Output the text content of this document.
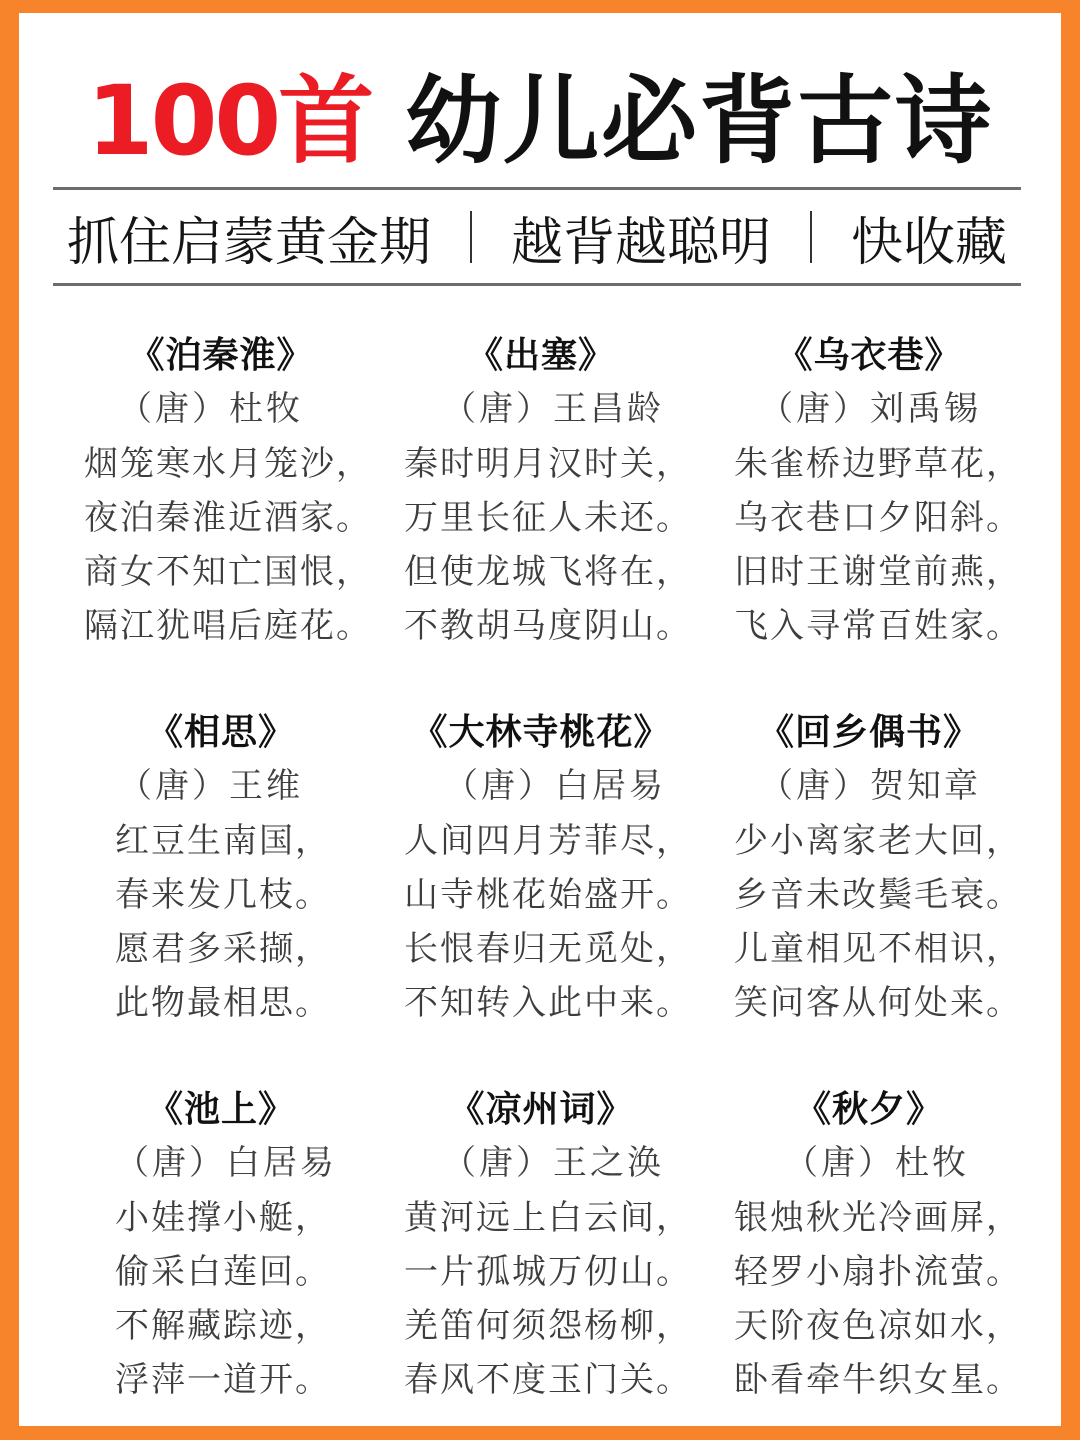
100首 幼儿必背古诗
抓住启蒙黄金期 越背越聪明 快收藏
《泊秦淮》
（唐）杜牧
烟笼寒水月笼沙，
夜泊秦淮近酒家。
商女不知亡国恨，
隔江犹唱后庭花。
《出塞》
（唐）王昌龄
秦时明月汉时关，
万里长征人未还。
但使龙城飞将在，
不教胡马度阴山。
《乌衣巷》
（唐）刘禹锡
朱雀桥边野草花，
乌衣巷口夕阳斜。
旧时王谢堂前燕，
飞入寻常百姓家。
《相思》
（唐）王维
红豆生南国，
春来发几枝。
愿君多采撷，
此物最相思。
《大林寺桃花》
（唐）白居易
人间四月芳菲尽，
山寺桃花始盛开。
长恨春归无觅处，
不知转入此中来。
《回乡偶书》
（唐）贺知章
少小离家老大回，
乡音未改鬓毛衰。
儿童相见不相识，
笑问客从何处来。
《池上》
（唐）白居易
小娃撑小艇，
偷采白莲回。
不解藏踪迹，
浮萍一道开。
《凉州词》
（唐）王之涣
黄河远上白云间，
一片孤城万仞山。
羌笛何须怨杨柳，
春风不度玉门关。
《秋夕》
（唐）杜牧
银烛秋光冷画屏，
轻罗小扇扑流萤。
天阶夜色凉如水，
卧看牵牛织女星。
